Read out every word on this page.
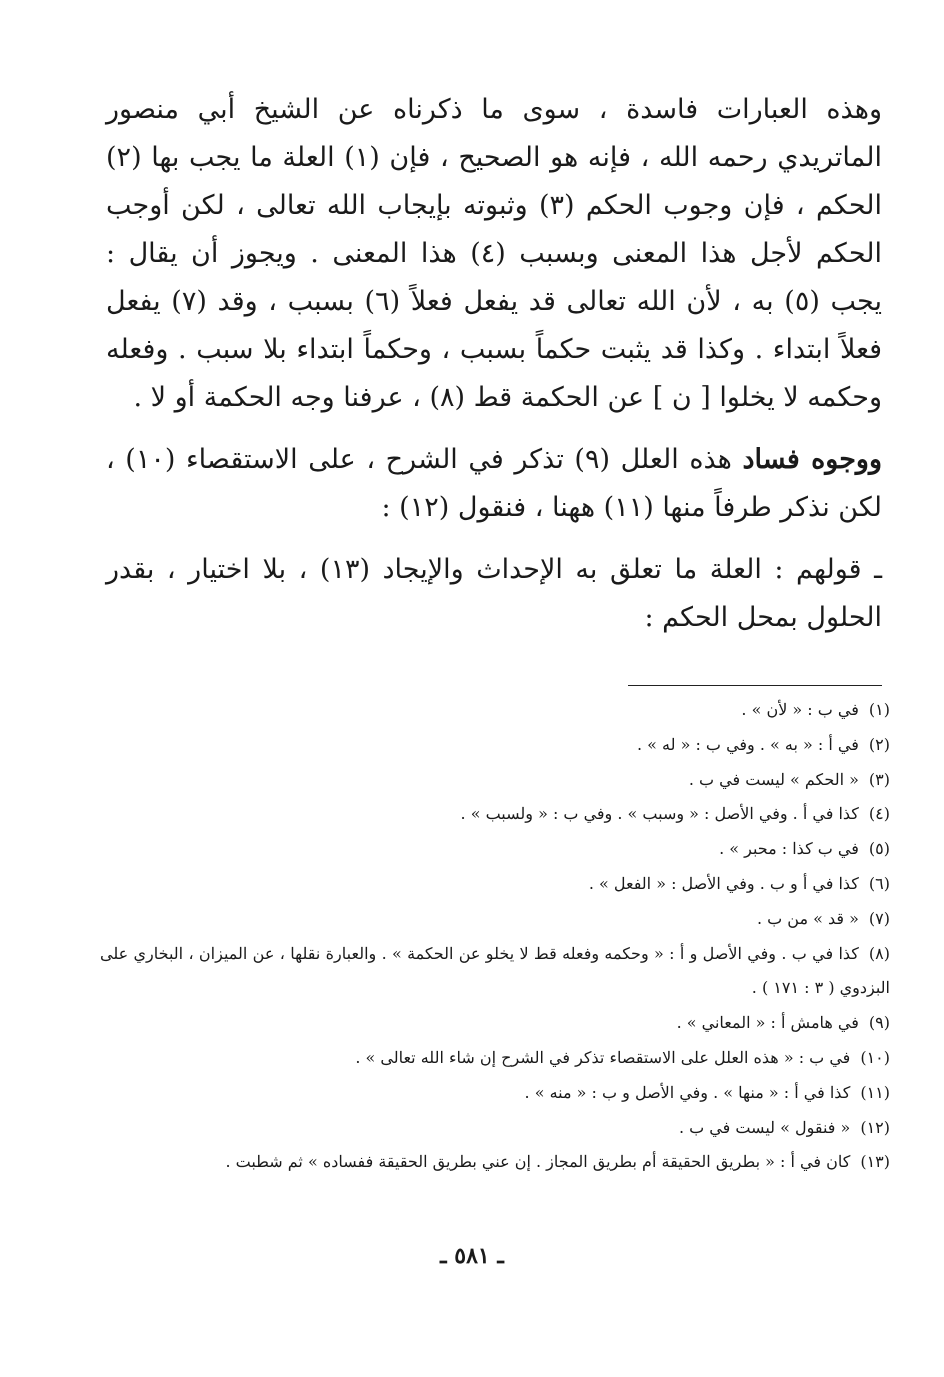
وهذه العبارات فاسدة ، سوى ما ذكرناه عن الشيخ أبي منصور الماتريدي رحمه الله ، فإنه هو الصحيح ، فإن (١) العلة ما يجب بها (٢) الحكم ، فإن وجوب الحكم (٣) وثبوته بإيجاب الله تعالى ، لكن أوجب الحكم لأجل هذا المعنى وبسبب (٤) هذا المعنى . ويجوز أن يقال : يجب (٥) به ، لأن الله تعالى قد يفعل فعلاً (٦) بسبب ، وقد (٧) يفعل فعلاً ابتداء . وكذا قد يثبت حكماً بسبب ، وحكماً ابتداء بلا سبب . وفعله وحكمه لا يخلوا [ ن ] عن الحكمة قط (٨) ، عرفنا وجه الحكمة أو لا .

ووجوه فساد هذه العلل (٩) تذكر في الشرح ، على الاستقصاء (١٠) ، لكن نذكر طرفاً منها (١١) ههنا ، فنقول (١٢) :

ـ قولهم : العلة ما تعلق به الإحداث والإيجاد (١٣) ، بلا اختيار ، بقدر الحلول بمحل الحكم :

(١)في ب : « لأن » .
(٢)في أ : « به » . وفي ب : « له » .
(٣)« الحكم » ليست في ب .
(٤)كذا في أ . وفي الأصل : « وسبب » . وفي ب : « ولسبب » .
(٥)في ب كذا : محبر » .
(٦)كذا في أ و ب . وفي الأصل : « الفعل » .
(٧)« قد » من ب .
(٨)كذا في ب . وفي الأصل و أ : « وحكمه وفعله قط لا يخلو عن الحكمة » . والعبارة نقلها ، عن الميزان ، البخاري على البزدوي ( ٣ : ١٧١ ) .
(٩)في هامش أ : « المعاني » .
(١٠)في ب : « هذه العلل على الاستقصاء تذكر في الشرح إن شاء الله تعالى » .
(١١)كذا في أ : « منها » . وفي الأصل و ب : « منه » .
(١٢)« فنقول » ليست في ب .
(١٣)كان في أ : « بطريق الحقيقة أم بطريق المجاز . إن عني بطريق الحقيقة ففساده » ثم شطبت .
ـ ٥٨١ ـ
